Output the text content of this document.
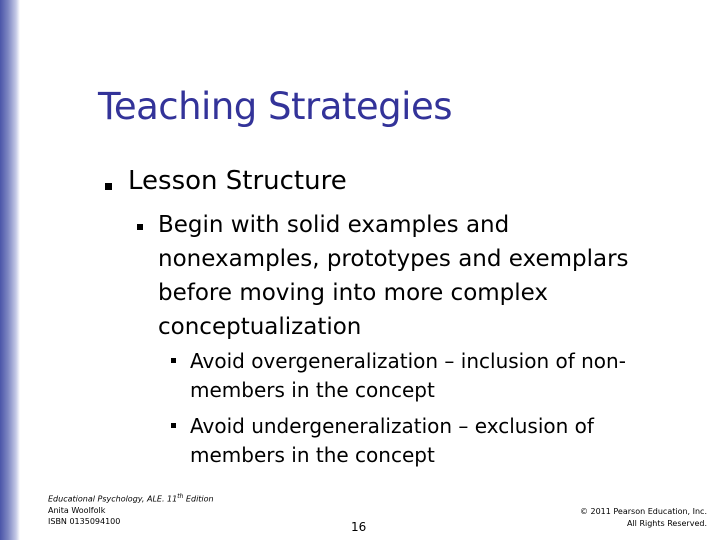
Teaching Strategies

Lesson Structure

Begin with solid examples and
nonexamples, prototypes and exemplars
before moving into more complex
conceptualization
Avoid overgeneralization – inclusion of non-
members in the concept
Avoid undergeneralization – exclusion of
members in the concept
Educational Psychology, ALE. 11th Edition
Anita Woolfolk
ISBN 0135094100	16
© 2011 Pearson Education, Inc.
All Rights Reserved.
